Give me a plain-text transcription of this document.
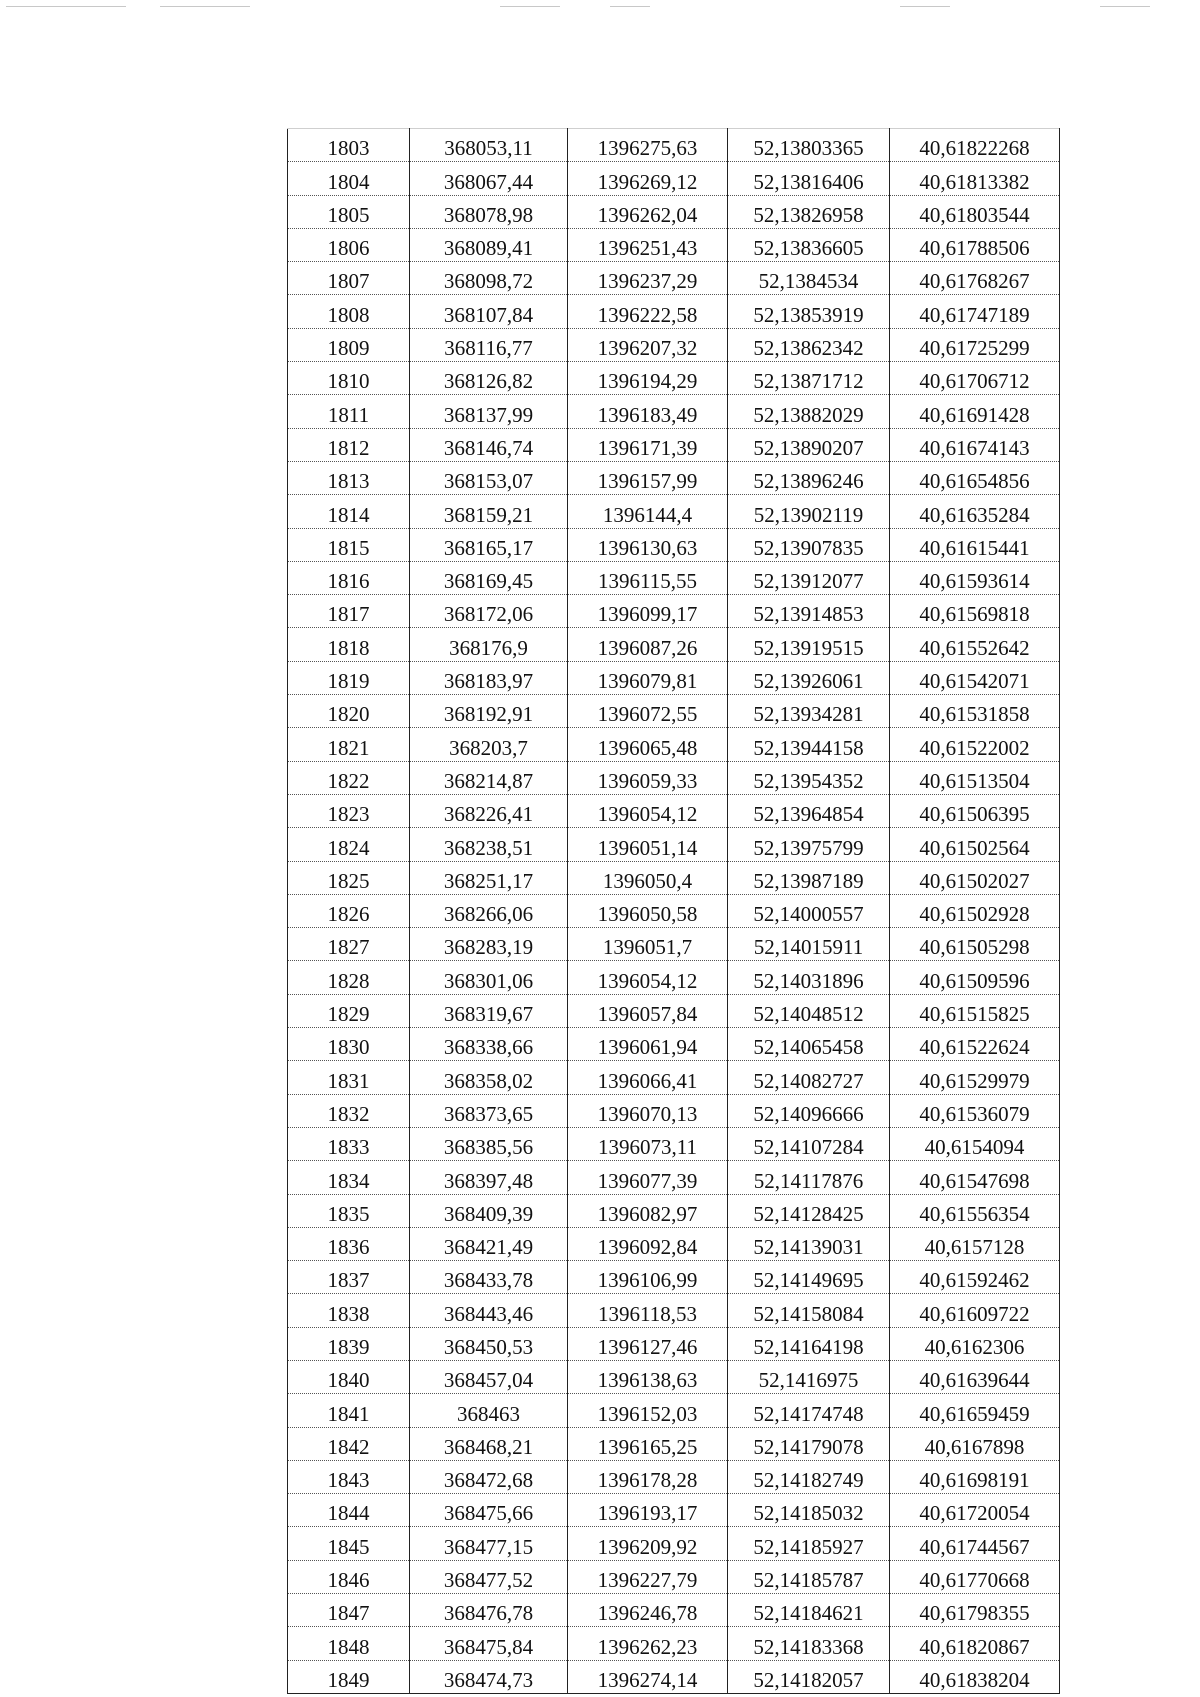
1803	368053,11	1396275,63	52,13803365	40,61822268
1804	368067,44	1396269,12	52,13816406	40,61813382
1805	368078,98	1396262,04	52,13826958	40,61803544
1806	368089,41	1396251,43	52,13836605	40,61788506
1807	368098,72	1396237,29	52,1384534	40,61768267
1808	368107,84	1396222,58	52,13853919	40,61747189
1809	368116,77	1396207,32	52,13862342	40,61725299
1810	368126,82	1396194,29	52,13871712	40,61706712
1811	368137,99	1396183,49	52,13882029	40,61691428
1812	368146,74	1396171,39	52,13890207	40,61674143
1813	368153,07	1396157,99	52,13896246	40,61654856
1814	368159,21	1396144,4	52,13902119	40,61635284
1815	368165,17	1396130,63	52,13907835	40,61615441
1816	368169,45	1396115,55	52,13912077	40,61593614
1817	368172,06	1396099,17	52,13914853	40,61569818
1818	368176,9	1396087,26	52,13919515	40,61552642
1819	368183,97	1396079,81	52,13926061	40,61542071
1820	368192,91	1396072,55	52,13934281	40,61531858
1821	368203,7	1396065,48	52,13944158	40,61522002
1822	368214,87	1396059,33	52,13954352	40,61513504
1823	368226,41	1396054,12	52,13964854	40,61506395
1824	368238,51	1396051,14	52,13975799	40,61502564
1825	368251,17	1396050,4	52,13987189	40,61502027
1826	368266,06	1396050,58	52,14000557	40,61502928
1827	368283,19	1396051,7	52,14015911	40,61505298
1828	368301,06	1396054,12	52,14031896	40,61509596
1829	368319,67	1396057,84	52,14048512	40,61515825
1830	368338,66	1396061,94	52,14065458	40,61522624
1831	368358,02	1396066,41	52,14082727	40,61529979
1832	368373,65	1396070,13	52,14096666	40,61536079
1833	368385,56	1396073,11	52,14107284	40,6154094
1834	368397,48	1396077,39	52,14117876	40,61547698
1835	368409,39	1396082,97	52,14128425	40,61556354
1836	368421,49	1396092,84	52,14139031	40,6157128
1837	368433,78	1396106,99	52,14149695	40,61592462
1838	368443,46	1396118,53	52,14158084	40,61609722
1839	368450,53	1396127,46	52,14164198	40,6162306
1840	368457,04	1396138,63	52,1416975	40,61639644
1841	368463	1396152,03	52,14174748	40,61659459
1842	368468,21	1396165,25	52,14179078	40,6167898
1843	368472,68	1396178,28	52,14182749	40,61698191
1844	368475,66	1396193,17	52,14185032	40,61720054
1845	368477,15	1396209,92	52,14185927	40,61744567
1846	368477,52	1396227,79	52,14185787	40,61770668
1847	368476,78	1396246,78	52,14184621	40,61798355
1848	368475,84	1396262,23	52,14183368	40,61820867
1849	368474,73	1396274,14	52,14182057	40,61838204
